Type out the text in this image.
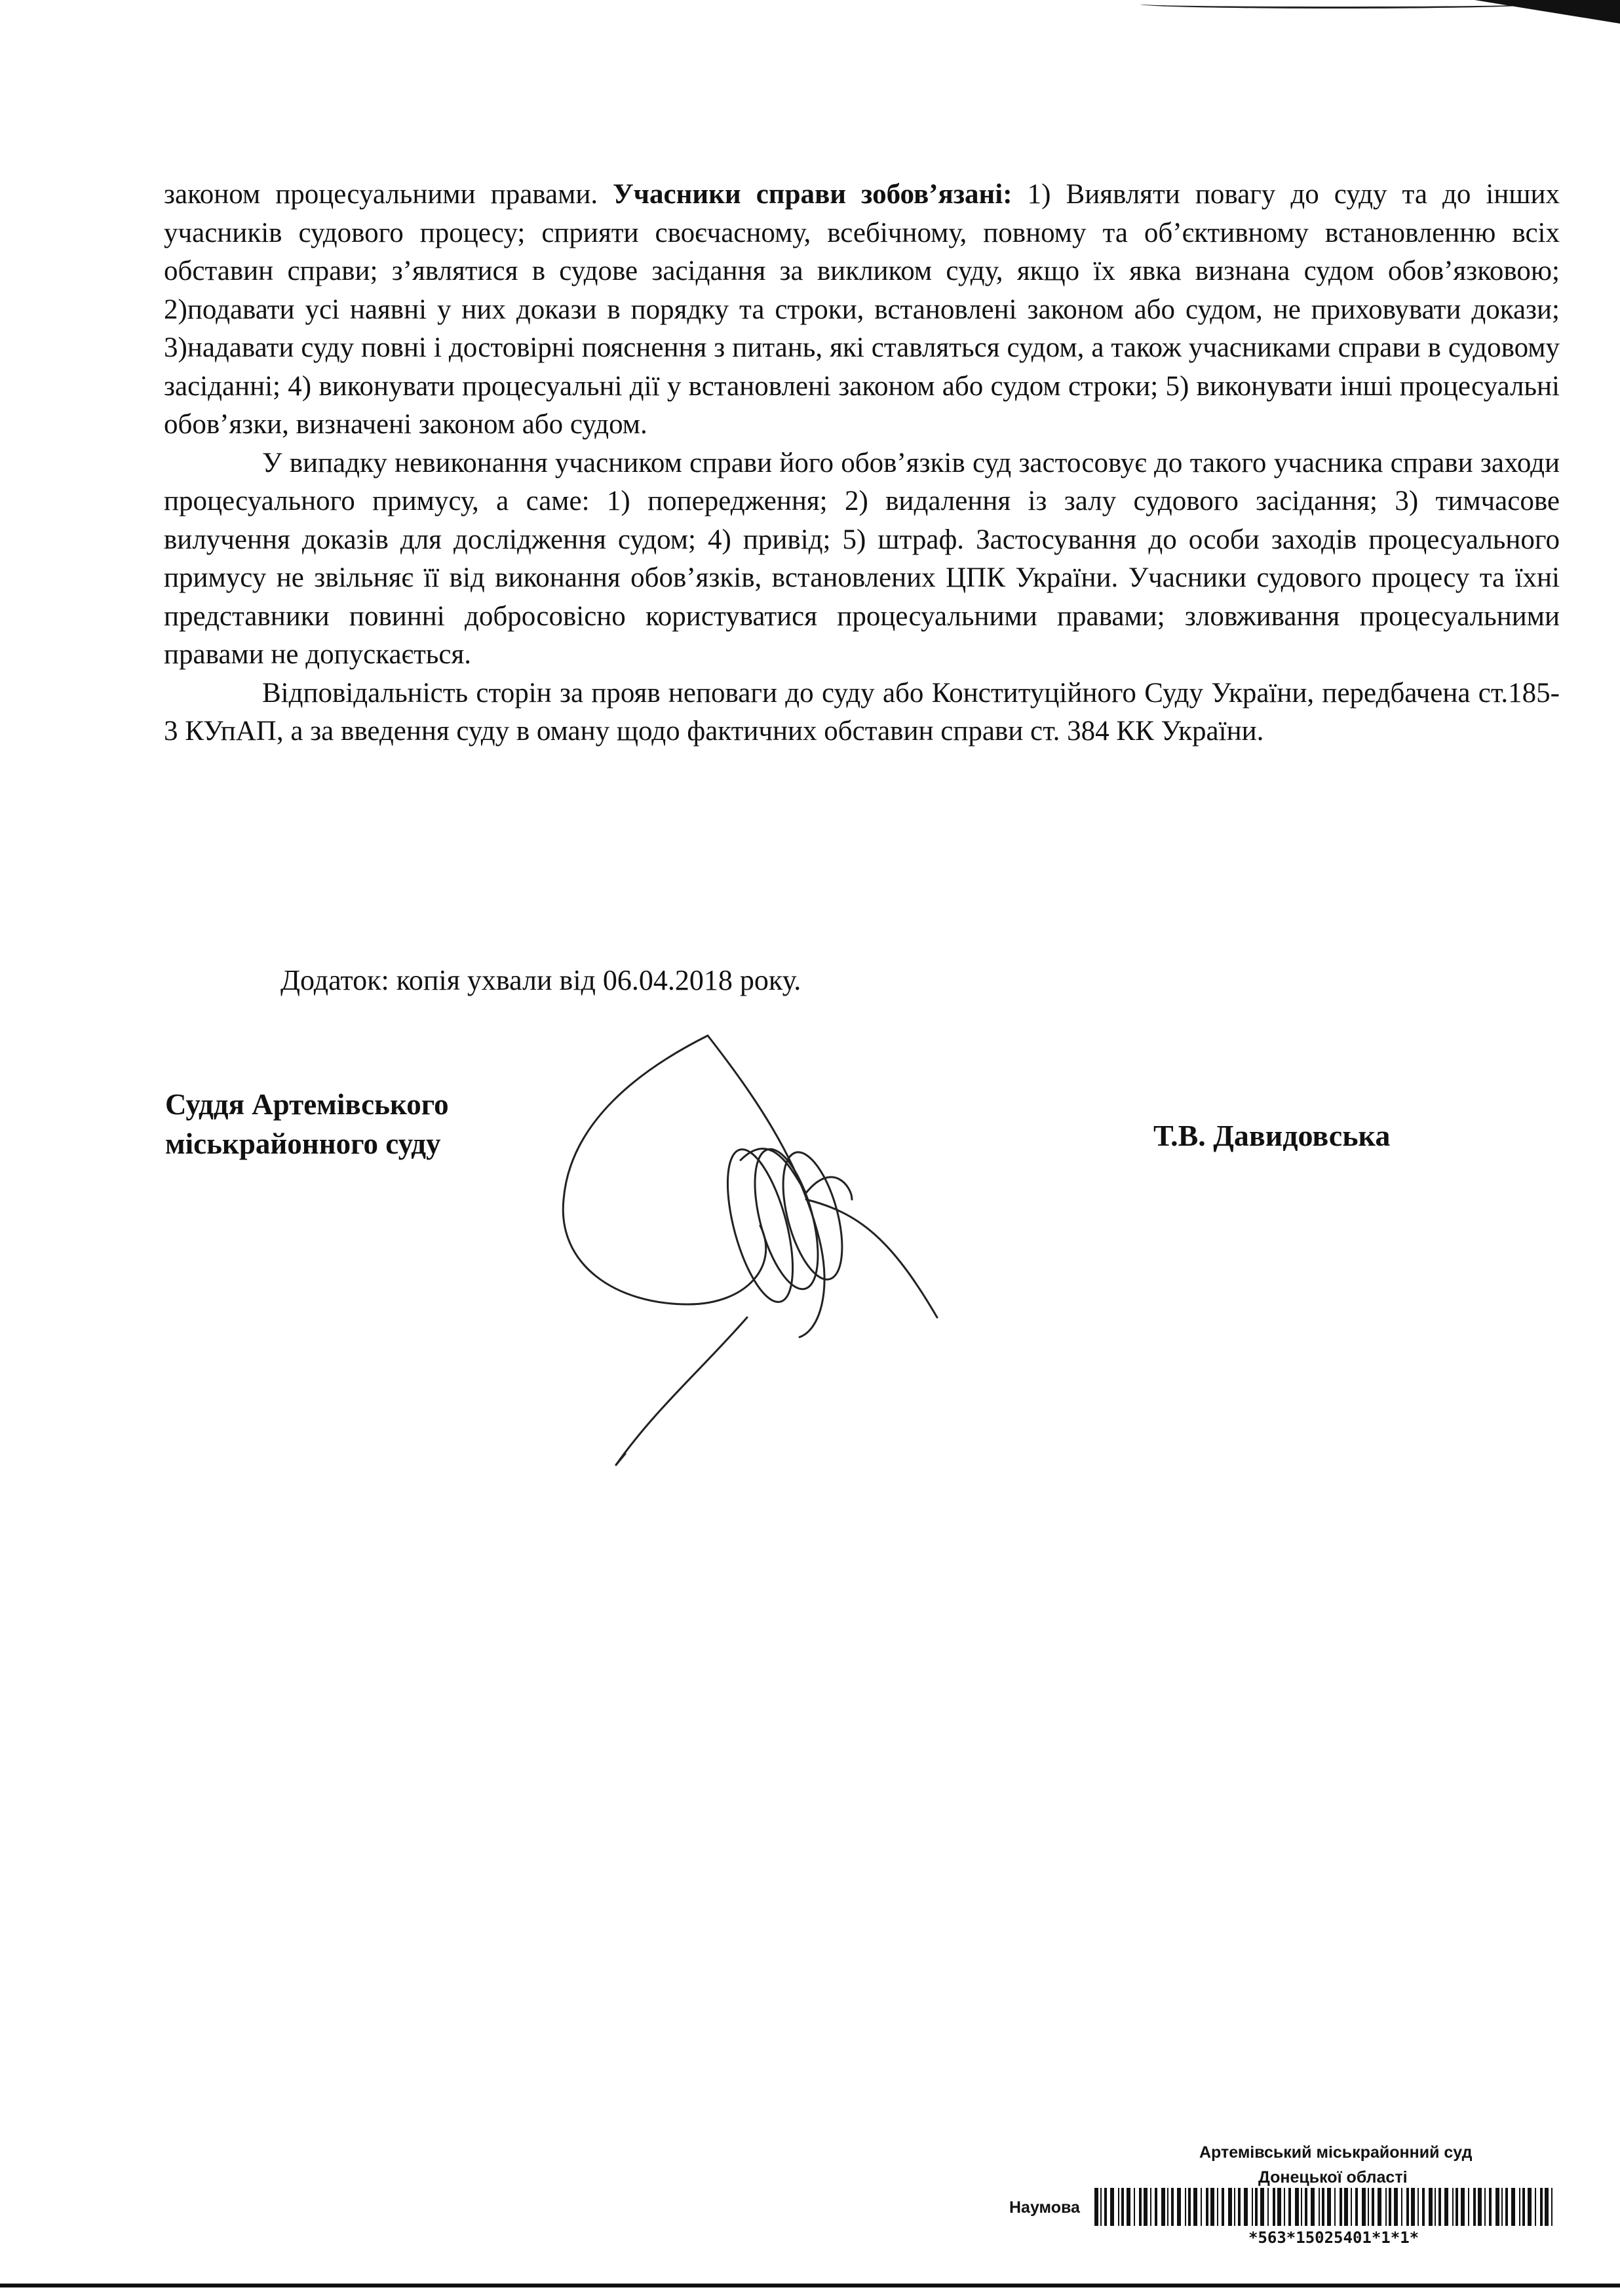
законом процесуальними правами. Учасники справи зобов’язані: 1) Виявляти повагу до суду та до інших учасників судового процесу; сприяти своєчасному, всебічному, повному та об’єктивному встановленню всіх обставин справи; з’являтися в судове засідання за викликом суду, якщо їх явка визнана судом обов’язковою; 2)подавати усі наявні у них докази в порядку та строки, встановлені законом або судом, не приховувати докази; 3)надавати суду повні і достовірні пояснення з питань, які ставляться судом, а також учасниками справи в судовому засіданні; 4) виконувати процесуальні дії у встановлені законом або судом строки; 5) виконувати інші процесуальні обов’язки, визначені законом або судом.

У випадку невиконання учасником справи його обов’язків суд застосовує до такого учасника справи заходи процесуального примусу, а саме: 1) попередження; 2) видалення із залу судового засідання; 3) тимчасове вилучення доказів для дослідження судом; 4) привід; 5) штраф. Застосування до особи заходів процесуального примусу не звільняє її від виконання обов’язків, встановлених ЦПК України. Учасники судового процесу та їхні представники повинні добросовісно користуватися процесуальними правами; зловживання процесуальними правами не допускається.

Відповідальність сторін за прояв неповаги до суду або Конституційного Суду України, передбачена ст.185-3 КУпАП, а за введення суду в оману щодо фактичних обставин справи ст. 384 КК України.

Додаток: копія ухвали від 06.04.2018 року.
Суддя Артемівського
міськрайонного суду	Т.В. Давидовська
Артемівський міськрайонний суд
Донецької області
Наумова
*563*15025401*1*1*
